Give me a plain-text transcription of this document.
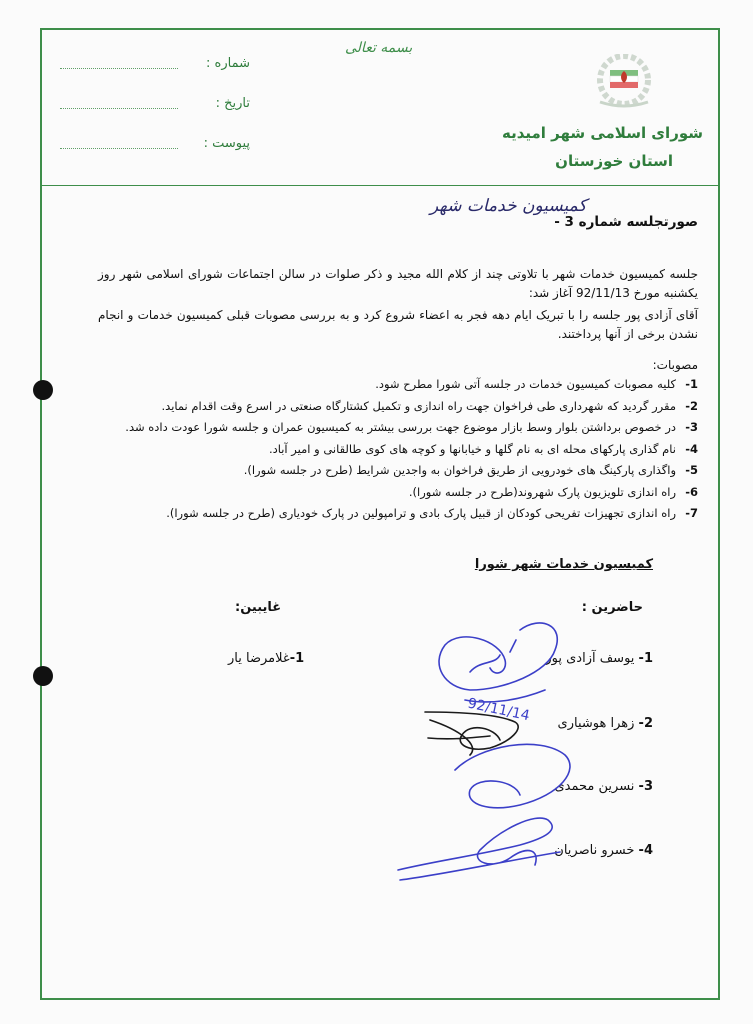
شماره :
تاریخ :
پیوست :
بسمه تعالی
شورای اسلامی شهر امیدیه
استان خوزستان
صورتجلسه شماره 3 -
کمیسیون خدمات شهر
جلسه کمیسیون خدمات شهر با تلاوتی چند از کلام الله مجید و ذکر صلوات در سالن اجتماعات شورای اسلامی شهر روز یکشنبه مورخ 92/11/13 آغاز شد:
آقای آزادی پور جلسه را با تبریک ایام دهه فجر به اعضاء شروع کرد و به بررسی مصوبات قبلی کمیسیون خدمات و انجام نشدن برخی از آنها پرداختند.
مصوبات:
1-کلیه مصوبات کمیسیون خدمات در جلسه آتی شورا مطرح شود.
2-مقرر گردید که شهرداری طی فراخوان جهت راه اندازی و تکمیل کشتارگاه صنعتی در اسرع وقت اقدام نماید.
3-در خصوص برداشتن بلوار وسط بازار موضوع جهت بررسی بیشتر به کمیسیون عمران و جلسه شورا عودت داده شد.
4-نام گذاری پارکهای محله ای به نام گلها و خیابانها و کوچه های کوی طالقانی و امیر آباد.
5-واگذاری پارکینگ های خودرویی از طریق فراخوان به واجدین شرایط (طرح در جلسه شورا).
6-راه اندازی تلویزیون پارک شهروند(طرح در جلسه شورا).
7-راه اندازی تجهیزات تفریحی کودکان از قبیل پارک بادی و ترامپولین در پارک خودیاری (طرح در جلسه شورا).
کمیسیون خدمات شهر شورا
حاضرین :
غایبین:
1- یوسف آزادی پور
2- زهرا هوشیاری
3- نسرین محمدی
4- خسرو ناصریان
1-غلامرضا یار
92/11/14
